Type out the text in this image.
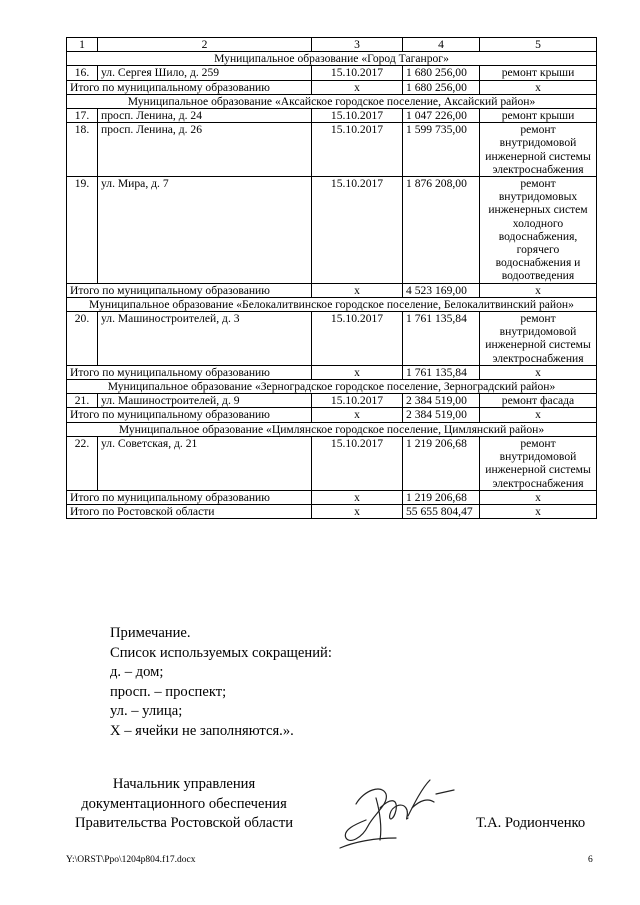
1	2	3	4	5
Муниципальное образование «Город Таганрог»				
16.	ул. Сергея Шило, д. 259	15.10.2017	1 680 256,00	ремонт крыши
Итого по муниципальному образованию		х	1 680 256,00	х
Муниципальное образование «Аксайское городское поселение, Аксайский район»				
17.	просп. Ленина, д. 24	15.10.2017	1 047 226,00	ремонт крыши
18.	просп. Ленина, д. 26	15.10.2017	1 599 735,00	ремонт внутридомовой инженерной системы электроснабжения
19.	ул. Мира, д. 7	15.10.2017	1 876 208,00	ремонт внутридомовых инженерных систем холодного водоснабжения, горячего водоснабжения и водоотведения
Итого по муниципальному образованию		х	4 523 169,00	х
Муниципальное образование «Белокалитвинское городское поселение, Белокалитвинский район»				
20.	ул. Машиностроителей, д. 3	15.10.2017	1 761 135,84	ремонт внутридомовой инженерной системы электроснабжения
Итого по муниципальному образованию		х	1 761 135,84	х
Муниципальное образование «Зерноградское городское поселение, Зерноградский район»				
21.	ул. Машиностроителей, д. 9	15.10.2017	2 384 519,00	ремонт фасада
Итого по муниципальному образованию		х	2 384 519,00	х
Муниципальное образование «Цимлянское городское поселение, Цимлянский район»				
22.	ул. Советская, д. 21	15.10.2017	1 219 206,68	ремонт внутридомовой инженерной системы электроснабжения
Итого по муниципальному образованию		х	1 219 206,68	х
Итого по Ростовской области		х	55 655 804,47	х
Примечание.
Список используемых сокращений:
д. – дом;
просп. – проспект;
ул. – улица;
Х – ячейки не заполняются.».
Начальник управления
документационного обеспечения
Правительства Ростовской области	Т.А. Родионченко
Y:\ORST\Ppo\1204p804.f17.docx	6
